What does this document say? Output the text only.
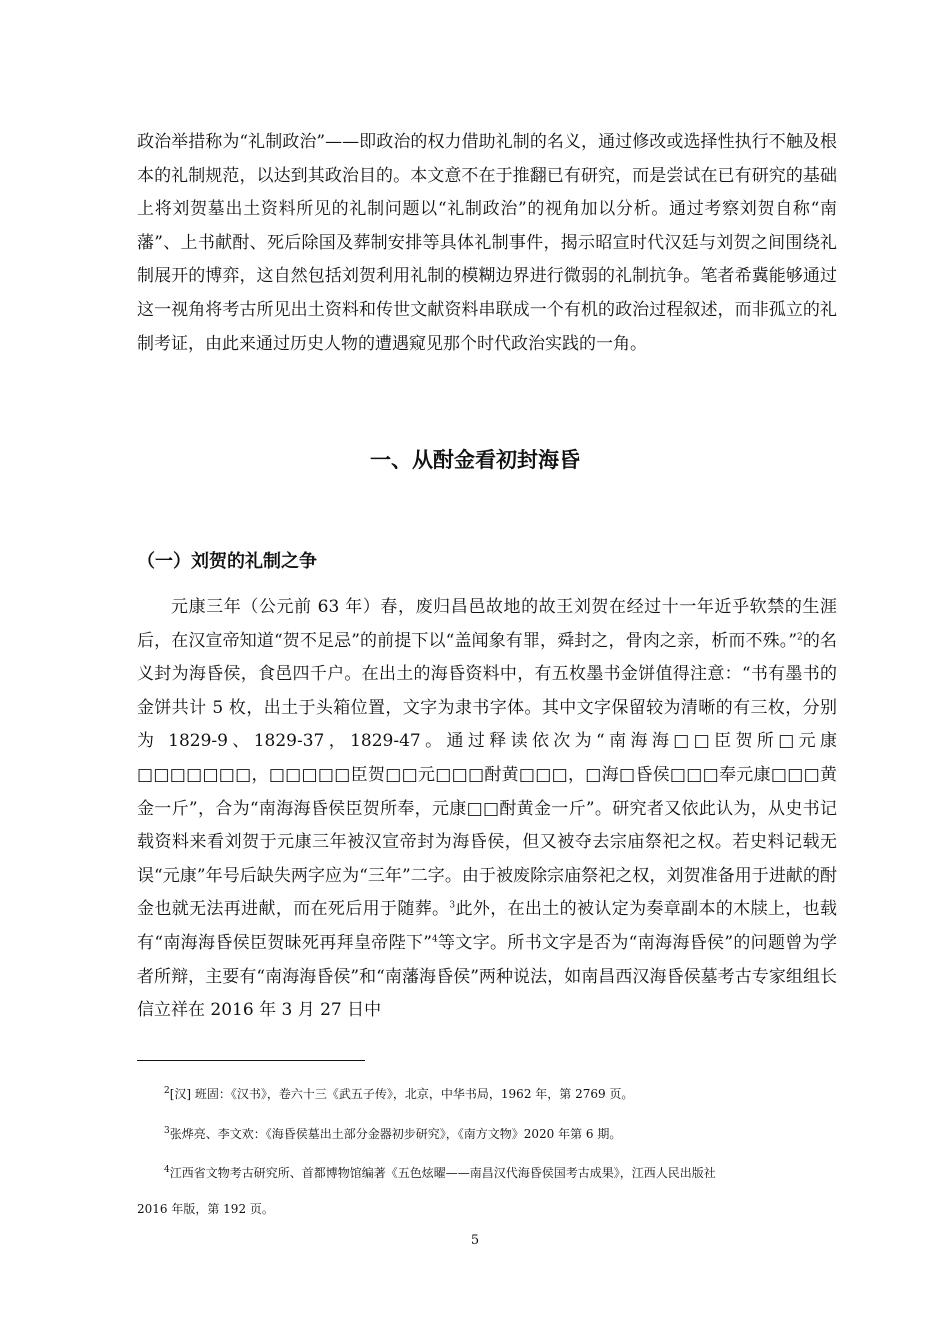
政治举措称为“礼制政治”——即政治的权力借助礼制的名义，通过修改或选择性执行不触及根本的礼制规范，以达到其政治目的。本文意不在于推翻已有研究，而是尝试在已有研究的基础上将刘贺墓出土资料所见的礼制问题以“礼制政治”的视角加以分析。通过考察刘贺自称“南藩”、上书献酎、死后除国及葬制安排等具体礼制事件，揭示昭宣时代汉廷与刘贺之间围绕礼制展开的博弈，这自然包括刘贺利用礼制的模糊边界进行微弱的礼制抗争。笔者希冀能够通过这一视角将考古所见出土资料和传世文献资料串联成一个有机的政治过程叙述，而非孤立的礼制考证，由此来通过历史人物的遭遇窥见那个时代政治实践的一角。

一、从酎金看初封海昏
（一）刘贺的礼制之争

元康三年（公元前 63 年）春，废归昌邑故地的故王刘贺在经过十一年近乎软禁的生涯后，在汉宣帝知道“贺不足忌”的前提下以“盖闻象有罪，舜封之，骨肉之亲，析而不殊。”$^2$的名义封为海昏侯，食邑四千户。在出土的海昏资料中，有五枚墨书金饼值得注意：“书有墨书的金饼共计 5 枚，出土于头箱位置，文字为隶书字体。其中文字保留较为清晰的有三枚，分别为 1829-9、1829-37，1829-47。通过释读依次为“南海海□□臣贺所□元康□□□□□□□，□□□□□臣贺□□元□□□酎黄□□□，□海□昏侯□□□奉元康□□□黄金一斤”，合为“南海海昏侯臣贺所奉，元康□□酎黄金一斤”。研究者又依此认为，从史书记载资料来看刘贺于元康三年被汉宣帝封为海昏侯，但又被夺去宗庙祭祀之权。若史料记载无误“元康”年号后缺失两字应为“三年”二字。由于被废除宗庙祭祀之权，刘贺准备用于进献的酎金也就无法再进献，而在死后用于随葬。$^3$此外，在出土的被认定为奏章副本的木牍上，也载有“南海海昏侯臣贺昧死再拜皇帝陛下”$^4$等文字。所书文字是否为“南海海昏侯”的问题曾为学者所辩，主要有“南海海昏侯”和“南藩海昏侯”两种说法，如南昌西汉海昏侯墓考古专家组组长信立祥在 2016 年 3 月 27 日中

$^2$[汉] 班固：《汉书》，卷六十三《武五子传》，北京，中华书局，1962 年，第 2769 页。

$^3$张烨亮、李文欢：《海昏侯墓出土部分金器初步研究》，《南方文物》2020 年第 6 期。

$^4$江西省文物考古研究所、首都博物馆编著《五色炫曜——南昌汉代海昏侯国考古成果》，江西人民出版社

2016 年版，第 192 页。

5
